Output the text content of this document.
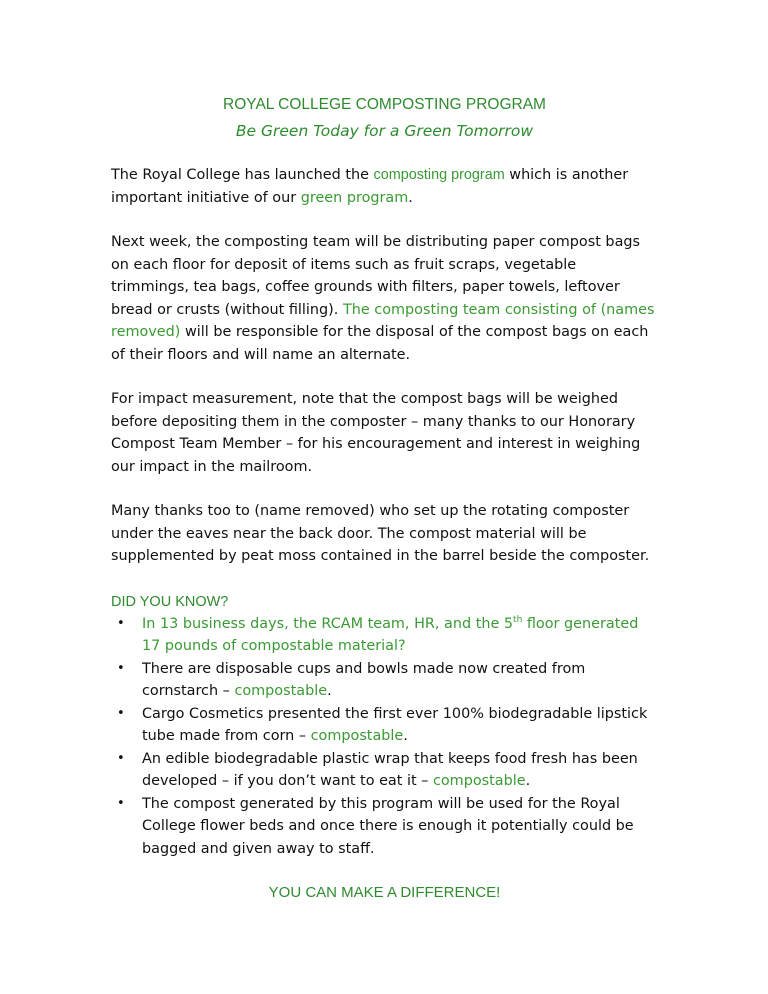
ROYAL COLLEGE COMPOSTING PROGRAM
Be Green Today for a Green Tomorrow

The Royal College has launched the composting program which is another important initiative of our green program.

Next week, the composting team will be distributing paper compost bags on each floor for deposit of items such as fruit scraps, vegetable trimmings, tea bags, coffee grounds with filters, paper towels, leftover bread or crusts (without filling). The composting team consisting of (names removed) will be responsible for the disposal of the compost bags on each of their floors and will name an alternate.

For impact measurement, note that the compost bags will be weighed before depositing them in the composter – many thanks to our Honorary Compost Team Member – for his encouragement and interest in weighing our impact in the mailroom.

Many thanks too to (name removed) who set up the rotating composter under the eaves near the back door. The compost material will be supplemented by peat moss contained in the barrel beside the composter.

DID YOU KNOW?
• In 13 business days, the RCAM team, HR, and the 5th floor generated 17 pounds of compostable material?
• There are disposable cups and bowls made now created from cornstarch – compostable.
• Cargo Cosmetics presented the first ever 100% biodegradable lipstick tube made from corn – compostable.
• An edible biodegradable plastic wrap that keeps food fresh has been developed – if you don’t want to eat it – compostable.
• The compost generated by this program will be used for the Royal College flower beds and once there is enough it potentially could be bagged and given away to staff.
YOU CAN MAKE A DIFFERENCE!
